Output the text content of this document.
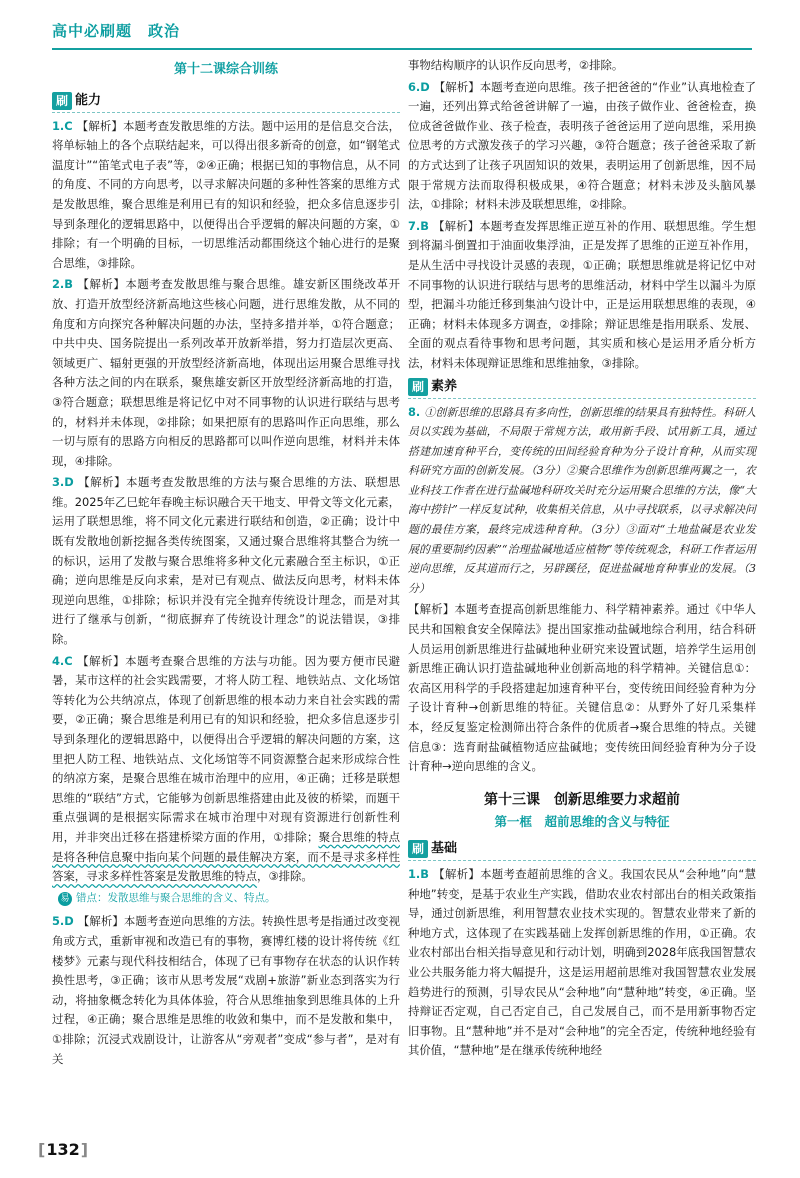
高中必刷题　政治
第十二课综合训练
刷 能力
1.C 【解析】本题考查发散思维的方法。题中运用的是信息交合法，将单标轴上的各个点联结起来，可以得出很多新奇的创意，如“钢笔式温度计”“笛笔式电子表”等，②④正确；根据已知的事物信息，从不同的角度、不同的方向思考，以寻求解决问题的多种性答案的思维方式是发散思维，聚合思维是利用已有的知识和经验，把众多信息逐步引导到条理化的逻辑思路中，以便得出合乎逻辑的解决问题的方案，①排除；有一个明确的目标，一切思维活动都围绕这个轴心进行的是聚合思维，③排除。
2.B 【解析】本题考查发散思维与聚合思维。雄安新区围绕改革开放、打造开放型经济新高地这些核心问题，进行思维发散，从不同的角度和方向探究各种解决问题的办法，坚持多措并举，①符合题意；中共中央、国务院提出一系列改革开放新举措，努力打造层次更高、领域更广、辐射更强的开放型经济新高地，体现出运用聚合思维寻找各种方法之间的内在联系，聚焦雄安新区开放型经济新高地的打造，③符合题意；联想思维是将记忆中对不同事物的认识进行联结与思考的，材料并未体现，②排除；如果把原有的思路叫作正向思维，那么一切与原有的思路方向相反的思路都可以叫作逆向思维，材料并未体现，④排除。
3.D 【解析】本题考查发散思维的方法与聚合思维的方法、联想思维。2025年乙巳蛇年春晚主标识融合天干地支、甲骨文等文化元素，运用了联想思维，将不同文化元素进行联结和创造，②正确；设计中既有发散地创新挖掘各类传统图案，又通过聚合思维将其整合为统一的标识，运用了发散与聚合思维将多种文化元素融合至主标识，①正确；逆向思维是反向求索，是对已有观点、做法反向思考，材料未体现逆向思维，①排除；标识并没有完全抛弃传统设计理念，而是对其进行了继承与创新，“彻底摒弃了传统设计理念”的说法错误，③排除。
4.C 【解析】本题考查聚合思维的方法与功能。因为要方便市民避暑，某市这样的社会实践需要，才将人防工程、地铁站点、文化场馆等转化为公共纳凉点，体现了创新思维的根本动力来自社会实践的需要，②正确；聚合思维是利用已有的知识和经验，把众多信息逐步引导到条理化的逻辑思路中，以便得出合乎逻辑的解决问题的方案，这里把人防工程、地铁站点、文化场馆等不同资源整合起来形成综合性的纳凉方案，是聚合思维在城市治理中的应用，④正确；迁移是联想思维的“联结”方式，它能够为创新思维搭建由此及彼的桥梁，而题干重点强调的是根据实际需求在城市治理中对现有资源进行创新性利用，并非突出迁移在搭建桥梁方面的作用，①排除；聚合思维的特点是将各种信息聚中指向某个问题的最佳解决方案，而不是寻求多样性答案，寻求多样性答案是发散思维的特点，③排除。
易 错点：发散思维与聚合思维的含义、特点。
5.D 【解析】本题考查逆向思维的方法。转换性思考是指通过改变视角或方式，重新审视和改造已有的事物，赛博红楼的设计将传统《红楼梦》元素与现代科技相结合，体现了已有事物存在状态的认识作转换性思考，③正确；该市从思考发展“戏剧+旅游”新业态到落实为行动，将抽象概念转化为具体体验，符合从思维抽象到思维具体的上升过程，④正确；聚合思维是思维的收敛和集中，而不是发散和集中，①排除；沉浸式戏剧设计，让游客从“旁观者”变成“参与者”，是对有关
事物结构顺序的认识作反向思考，②排除。
6.D 【解析】本题考查逆向思维。孩子把爸爸的“作业”认真地检查了一遍，还列出算式给爸爸讲解了一遍，由孩子做作业、爸爸检查，换位成爸爸做作业、孩子检查，表明孩子爸爸运用了逆向思维，采用换位思考的方式激发孩子的学习兴趣，③符合题意；孩子爸爸采取了新的方式达到了让孩子巩固知识的效果，表明运用了创新思维，因不局限于常规方法而取得积极成果，④符合题意；材料未涉及头脑风暴法，①排除；材料未涉及联想思维，②排除。
7.B 【解析】本题考查发挥思维正逆互补的作用、联想思维。学生想到将漏斗倒置扣于油面收集浮油，正是发挥了思维的正逆互补作用，是从生活中寻找设计灵感的表现，①正确；联想思维就是将记忆中对不同事物的认识进行联结与思考的思维活动，材料中学生以漏斗为原型，把漏斗功能迁移到集油勺设计中，正是运用联想思维的表现，④正确；材料未体现多方调查，②排除；辩证思维是指用联系、发展、全面的观点看待事物和思考问题，其实质和核心是运用矛盾分析方法，材料未体现辩证思维和思维抽象，③排除。
刷 素养
8. ①创新思维的思路具有多向性，创新思维的结果具有独特性。科研人员以实践为基础，不局限于常规方法，敢用新手段、试用新工具，通过搭建加速育种平台，变传统的田间经验育种为分子设计育种，从而实现科研究方面的创新发展。（3分）②聚合思维作为创新思维两翼之一，农业科技工作者在进行盐碱地科研攻关时充分运用聚合思维的方法，像“大海中捞针”一样反复试种，收集相关信息，从中寻找联系，以寻求解决问题的最佳方案，最终完成选种育种。（3分）③面对“土地盐碱是农业发展的重要制约因素”“治理盐碱地适应植物”等传统观念，科研工作者运用逆向思维，反其道而行之，另辟蹊径，促进盐碱地育种事业的发展。（3分）
【解析】本题考查提高创新思维能力、科学精神素养。通过《中华人民共和国粮食安全保障法》提出国家推动盐碱地综合利用，结合科研人员运用创新思维进行盐碱地种业研究来设置试题，培养学生运用创新思维正确认识打造盐碱地种业创新高地的科学精神。关键信息①：农高区用科学的手段搭建起加速育种平台，变传统田间经验育种为分子设计育种→创新思维的特征。关键信息②：从野外了好几采集样本，经反复鉴定检测筛出符合条件的优质者→聚合思维的特点。关键信息③：选育耐盐碱植物适应盐碱地；变传统田间经验育种为分子设计育种→逆向思维的含义。
第十三课　创新思维要力求超前
第一框　超前思维的含义与特征
刷 基础
1.B 【解析】本题考查超前思维的含义。我国农民从“会种地”向“慧种地”转变，是基于农业生产实践，借助农业农村部出台的相关政策指导，通过创新思维，利用智慧农业技术实现的。智慧农业带来了新的种地方式，这体现了在实践基础上发挥创新思维的作用，①正确。农业农村部出台相关指导意见和行动计划，明确到2028年底我国智慧农业公共服务能力将大幅提升，这是运用超前思维对我国智慧农业发展趋势进行的预测，引导农民从“会种地”向“慧种地”转变，④正确。坚持辩证否定观，自己否定自己，自己发展自己，而不是用新事物否定旧事物。且“慧种地”并不是对“会种地”的完全否定，传统种地经验有其价值，“慧种地”是在继承传统种地经
[ 132 ]
